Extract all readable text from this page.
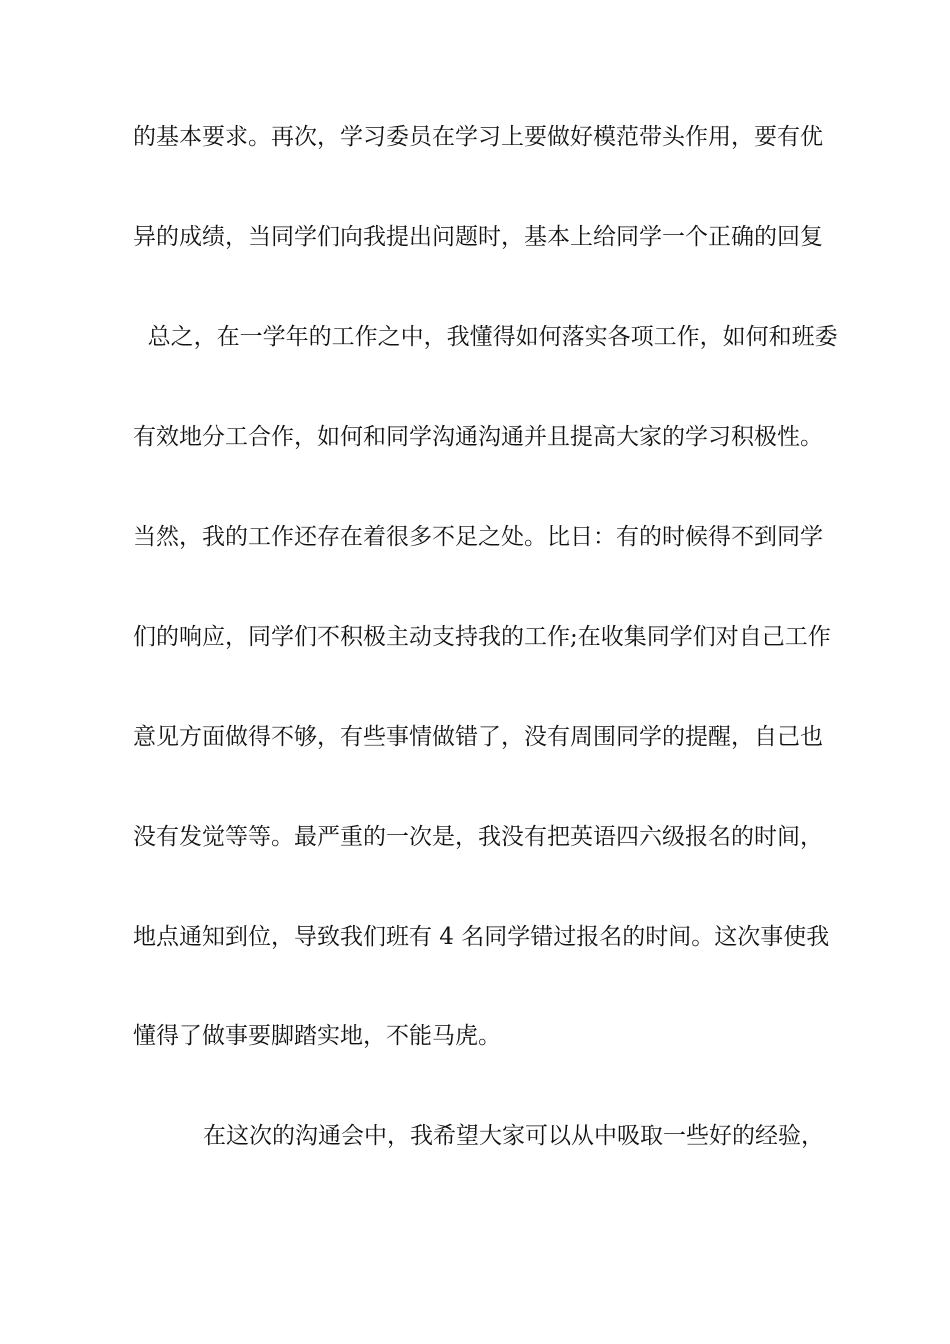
的基本要求。再次，学习委员在学习上要做好模范带头作用，要有优
异的成绩，当同学们向我提出问题时，基本上给同学一个正确的回复
总之，在一学年的工作之中，我懂得如何落实各项工作，如何和班委
有效地分工合作，如何和同学沟通沟通并且提高大家的学习积极性。
当然，我的工作还存在着很多不足之处。比日：有的时候得不到同学
们的响应，同学们不积极主动支持我的工作;在收集同学们对自己工作
意见方面做得不够，有些事情做错了，没有周围同学的提醒，自己也
没有发觉等等。最严重的一次是，我没有把英语四六级报名的时间，
地点通知到位，导致我们班有 4 名同学错过报名的时间。这次事使我
懂得了做事要脚踏实地，不能马虎。
在这次的沟通会中，我希望大家可以从中吸取一些好的经验，
